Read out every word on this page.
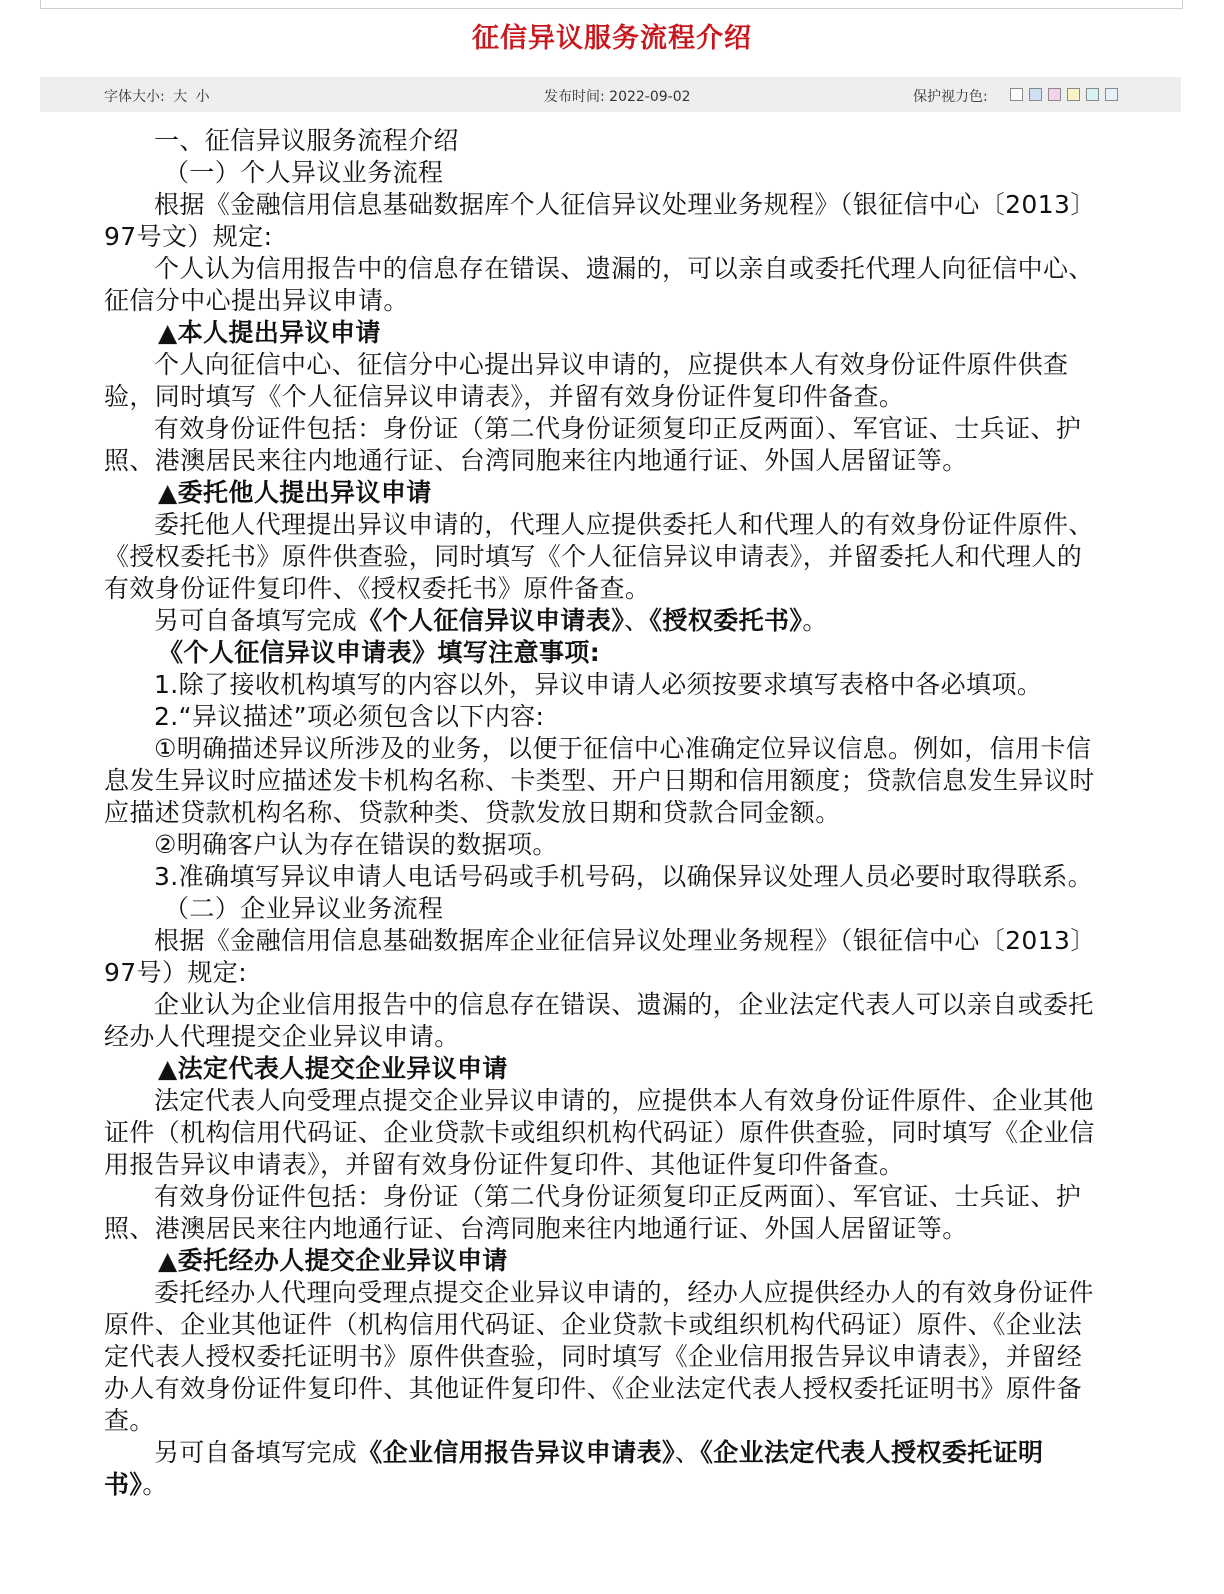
征信异议服务流程介绍
字体大小: 大 小	发布时间: 2022-09-02	保护视力色:

一、征信异议服务流程介绍

（一）个人异议业务流程

根据《金融信用信息基础数据库个人征信异议处理业务规程》（银征信中心〔2013〕97号文）规定:

个人认为信用报告中的信息存在错误、遗漏的，可以亲自或委托代理人向征信中心、征信分中心提出异议申请。

▲本人提出异议申请

个人向征信中心、征信分中心提出异议申请的，应提供本人有效身份证件原件供查验，同时填写《个人征信异议申请表》，并留有效身份证件复印件备查。

有效身份证件包括：身份证（第二代身份证须复印正反两面）、军官证、士兵证、护照、港澳居民来往内地通行证、台湾同胞来往内地通行证、外国人居留证等。

▲委托他人提出异议申请

委托他人代理提出异议申请的，代理人应提供委托人和代理人的有效身份证件原件、《授权委托书》原件供查验，同时填写《个人征信异议申请表》，并留委托人和代理人的有效身份证件复印件、《授权委托书》原件备查。

另可自备填写完成《个人征信异议申请表》、《授权委托书》。

《个人征信异议申请表》填写注意事项:

1.除了接收机构填写的内容以外，异议申请人必须按要求填写表格中各必填项。

2.“异议描述”项必须包含以下内容:

①明确描述异议所涉及的业务，以便于征信中心准确定位异议信息。例如，信用卡信息发生异议时应描述发卡机构名称、卡类型、开户日期和信用额度；贷款信息发生异议时应描述贷款机构名称、贷款种类、贷款发放日期和贷款合同金额。

②明确客户认为存在错误的数据项。

3.准确填写异议申请人电话号码或手机号码，以确保异议处理人员必要时取得联系。

（二）企业异议业务流程

根据《金融信用信息基础数据库企业征信异议处理业务规程》（银征信中心〔2013〕97号）规定:

企业认为企业信用报告中的信息存在错误、遗漏的，企业法定代表人可以亲自或委托经办人代理提交企业异议申请。

▲法定代表人提交企业异议申请

法定代表人向受理点提交企业异议申请的，应提供本人有效身份证件原件、企业其他证件（机构信用代码证、企业贷款卡或组织机构代码证）原件供查验，同时填写《企业信用报告异议申请表》，并留有效身份证件复印件、其他证件复印件备查。

有效身份证件包括：身份证（第二代身份证须复印正反两面）、军官证、士兵证、护照、港澳居民来往内地通行证、台湾同胞来往内地通行证、外国人居留证等。

▲委托经办人提交企业异议申请

委托经办人代理向受理点提交企业异议申请的，经办人应提供经办人的有效身份证件原件、企业其他证件（机构信用代码证、企业贷款卡或组织机构代码证）原件、《企业法定代表人授权委托证明书》原件供查验，同时填写《企业信用报告异议申请表》，并留经办人有效身份证件复印件、其他证件复印件、《企业法定代表人授权委托证明书》原件备查。

另可自备填写完成《企业信用报告异议申请表》、《企业法定代表人授权委托证明书》。
